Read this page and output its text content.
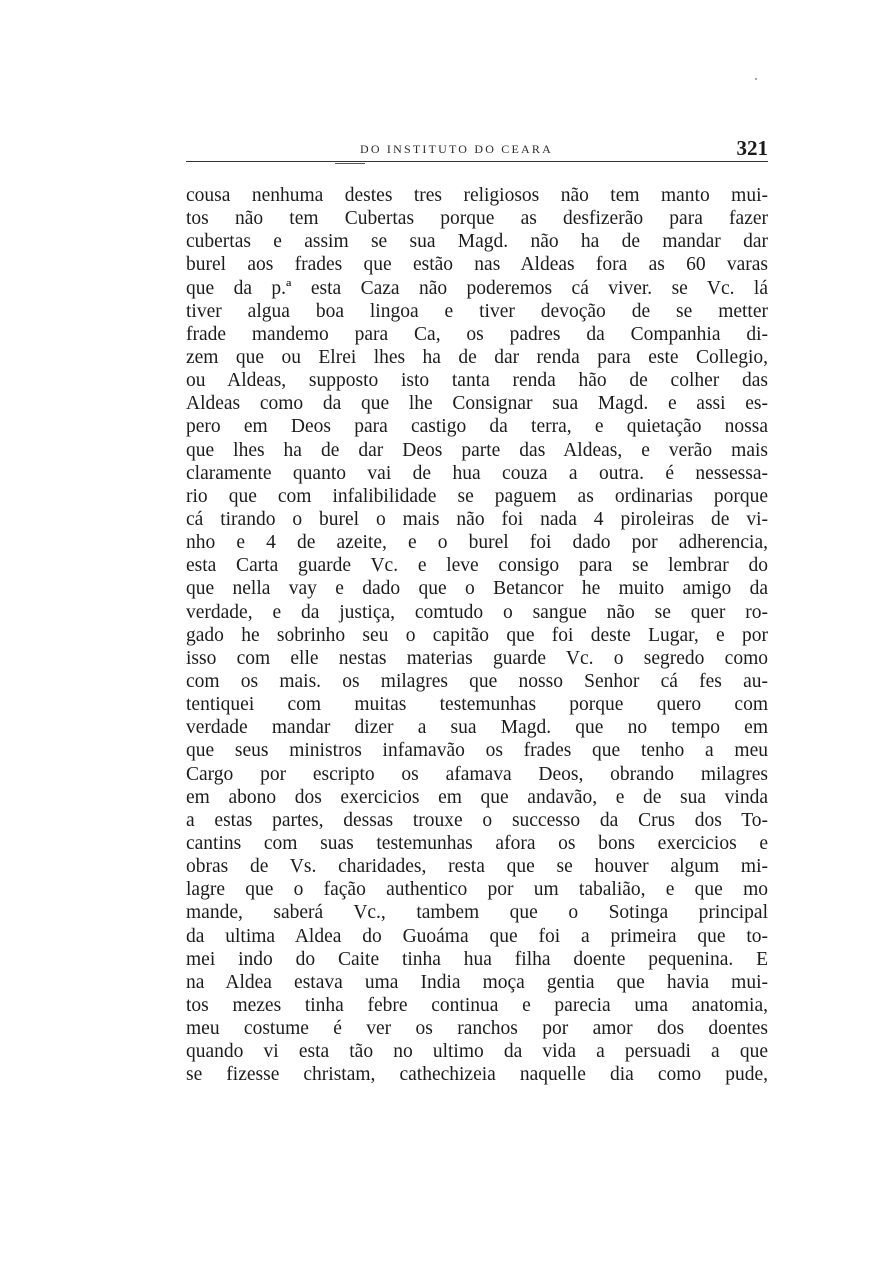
DO INSTITUTO DO CEARA	321
cousa nenhuma destes tres religiosos não tem manto mui-
tos não tem Cubertas porque as desfizerão para fazer
cubertas e assim se sua Magd. não ha de mandar dar
burel aos frades que estão nas Aldeas fora as 60 varas
que da p.ª esta Caza não poderemos cá viver. se Vc. lá
tiver algua boa lingoa e tiver devoção de se metter
frade mandemo para Ca, os padres da Companhia di-
zem que ou Elrei lhes ha de dar renda para este Collegio,
ou Aldeas, supposto isto tanta renda hão de colher das
Aldeas como da que lhe Consignar sua Magd. e assi es-
pero em Deos para castigo da terra, e quietação nossa
que lhes ha de dar Deos parte das Aldeas, e verão mais
claramente quanto vai de hua couza a outra. é nessessa-
rio que com infalibilidade se paguem as ordinarias porque
cá tirando o burel o mais não foi nada 4 piroleiras de vi-
nho e 4 de azeite, e o burel foi dado por adherencia,
esta Carta guarde Vc. e leve consigo para se lembrar do
que nella vay e dado que o Betancor he muito amigo da
verdade, e da justiça, comtudo o sangue não se quer ro-
gado he sobrinho seu o capitão que foi deste Lugar, e por
isso com elle nestas materias guarde Vc. o segredo como
com os mais. os milagres que nosso Senhor cá fes au-
tentiquei com muitas testemunhas porque quero com
verdade mandar dizer a sua Magd. que no tempo em
que seus ministros infamavão os frades que tenho a meu
Cargo por escripto os afamava Deos, obrando milagres
em abono dos exercicios em que andavão, e de sua vinda
a estas partes, dessas trouxe o successo da Crus dos To-
cantins com suas testemunhas afora os bons exercicios e
obras de Vs. charidades, resta que se houver algum mi-
lagre que o fação authentico por um tabalião, e que mo
mande, saberá Vc., tambem que o Sotinga principal
da ultima Aldea do Guoáma que foi a primeira que to-
mei indo do Caite tinha hua filha doente pequenina. E
na Aldea estava uma India moça gentia que havia mui-
tos mezes tinha febre continua e parecia uma anatomia,
meu costume é ver os ranchos por amor dos doentes
quando vi esta tão no ultimo da vida a persuadi a que
se fizesse christam, cathechizeia naquelle dia como pude,
